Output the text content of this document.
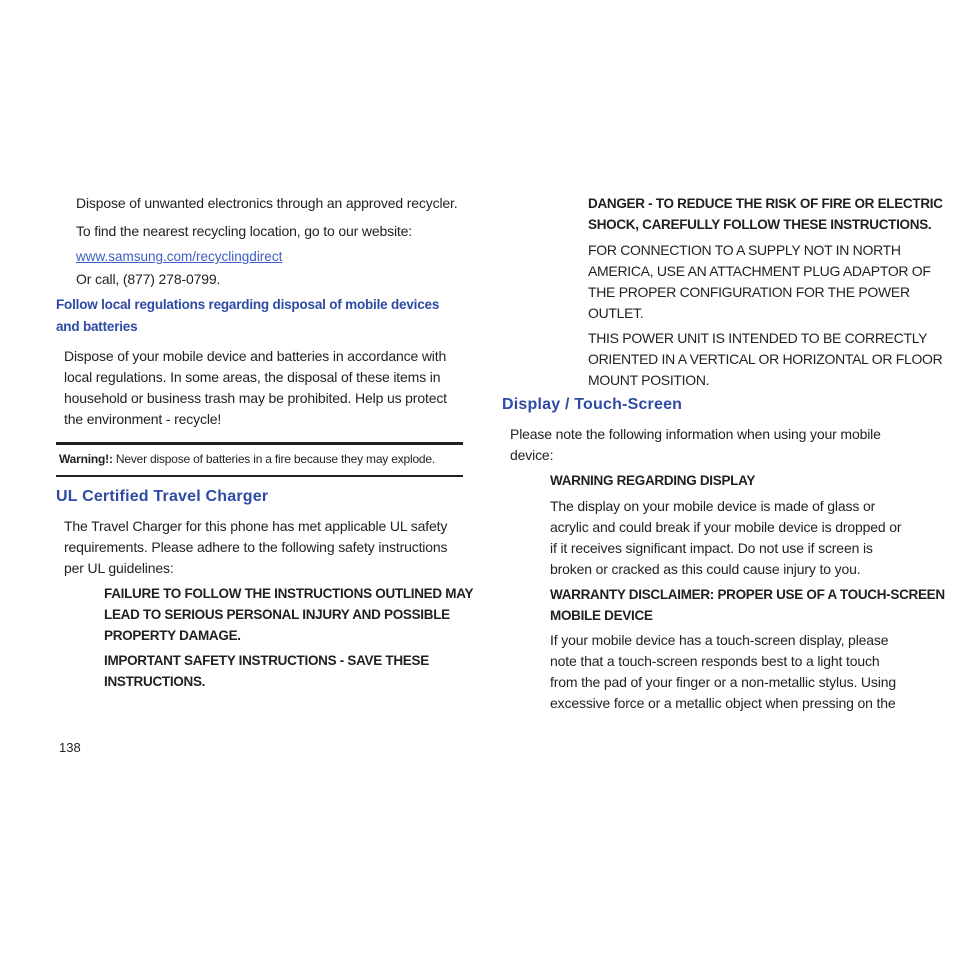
Dispose of unwanted electronics through an approved recycler.
To find the nearest recycling location, go to our website:
www.samsung.com/recyclingdirect
Or call, (877) 278-0799.
Follow local regulations regarding disposal of mobile devices
and batteries
Dispose of your mobile device and batteries in accordance with
local regulations. In some areas, the disposal of these items in
household or business trash may be prohibited. Help us protect
the environment - recycle!
Warning!: Never dispose of batteries in a fire because they may explode.
UL Certified Travel Charger
The Travel Charger for this phone has met applicable UL safety
requirements. Please adhere to the following safety instructions
per UL guidelines:
FAILURE TO FOLLOW THE INSTRUCTIONS OUTLINED MAY
LEAD TO SERIOUS PERSONAL INJURY AND POSSIBLE
PROPERTY DAMAGE.
IMPORTANT SAFETY INSTRUCTIONS - SAVE THESE
INSTRUCTIONS.
138
DANGER - TO REDUCE THE RISK OF FIRE OR ELECTRIC
SHOCK, CAREFULLY FOLLOW THESE INSTRUCTIONS.
FOR CONNECTION TO A SUPPLY NOT IN NORTH
AMERICA, USE AN ATTACHMENT PLUG ADAPTOR OF
THE PROPER CONFIGURATION FOR THE POWER
OUTLET.
THIS POWER UNIT IS INTENDED TO BE CORRECTLY
ORIENTED IN A VERTICAL OR HORIZONTAL OR FLOOR
MOUNT POSITION.
Display / Touch-Screen
Please note the following information when using your mobile
device:
WARNING REGARDING DISPLAY
The display on your mobile device is made of glass or
acrylic and could break if your mobile device is dropped or
if it receives significant impact. Do not use if screen is
broken or cracked as this could cause injury to you.
WARRANTY DISCLAIMER: PROPER USE OF A TOUCH-SCREEN
MOBILE DEVICE
If your mobile device has a touch-screen display, please
note that a touch-screen responds best to a light touch
from the pad of your finger or a non-metallic stylus. Using
excessive force or a metallic object when pressing on the
